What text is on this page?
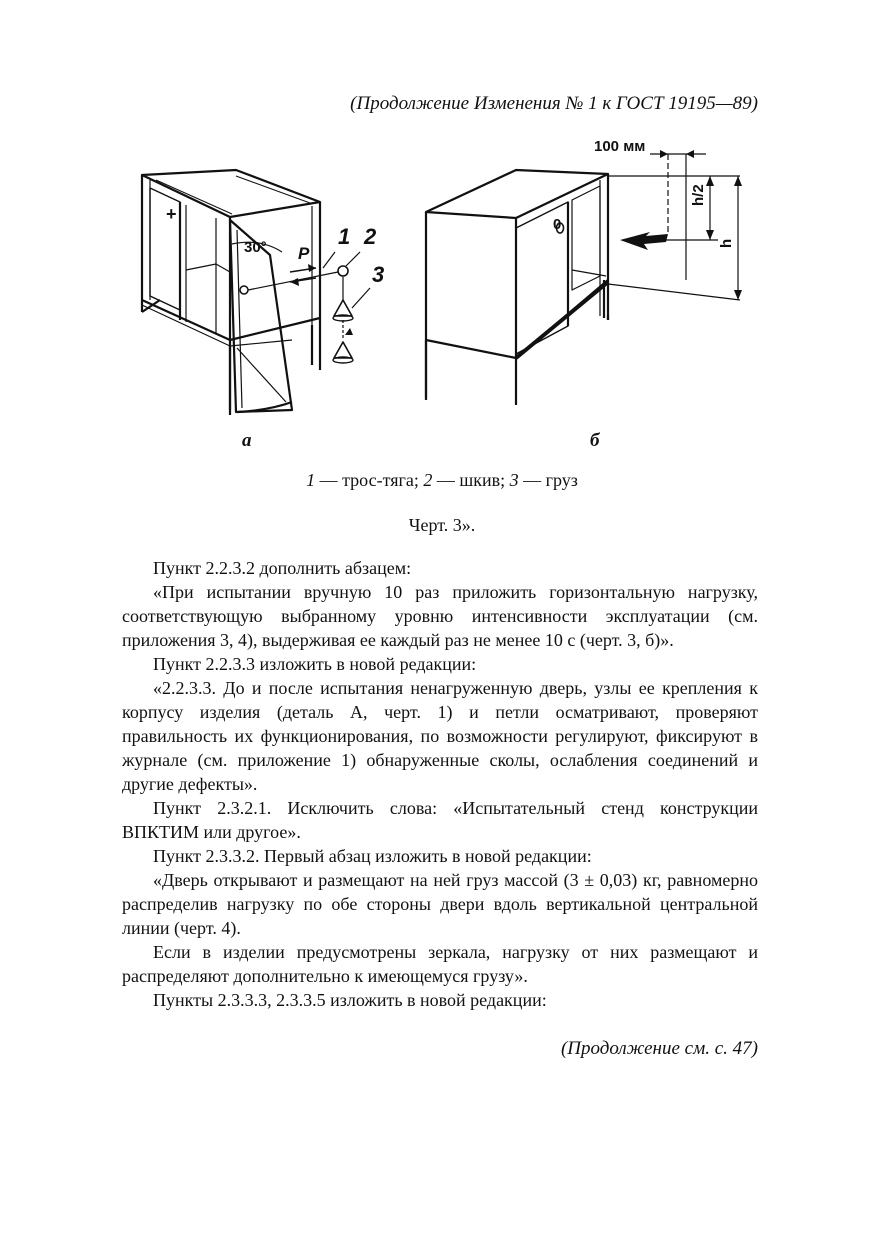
(Продолжение Изменения № 1 к ГОСТ 19195—89)
30° P
1 2
3
+
0
100 мм
h/2
h
а	б
1 — трос-тяга; 2 — шкив; 3 — груз
Черт. 3».

Пункт 2.2.3.2 дополнить абзацем:

«При испытании вручную 10 раз приложить горизонтальную нагрузку, соответствующую выбранному уровню интенсивности эксплуатации (см. приложения 3, 4), выдерживая ее каждый раз не менее 10 с (черт. 3, б)».

Пункт 2.2.3.3 изложить в новой редакции:

«2.2.3.3. До и после испытания ненагруженную дверь, узлы ее крепления к корпусу изделия (деталь А, черт. 1) и петли осматривают, проверяют правильность их функционирования, по возможности регулируют, фиксируют в журнале (см. приложение 1) обнаруженные сколы, ослабления соединений и другие дефекты».

Пункт 2.3.2.1. Исключить слова: «Испытательный стенд конструкции ВПКТИМ или другое».

Пункт 2.3.3.2. Первый абзац изложить в новой редакции:

«Дверь открывают и размещают на ней груз массой (3 ± 0,03) кг, равномерно распределив нагрузку по обе стороны двери вдоль вертикальной центральной линии (черт. 4).

Если в изделии предусмотрены зеркала, нагрузку от них размещают и распределяют дополнительно к имеющемуся грузу».

Пункты 2.3.3.3, 2.3.3.5 изложить в новой редакции:

(Продолжение см. с. 47)
